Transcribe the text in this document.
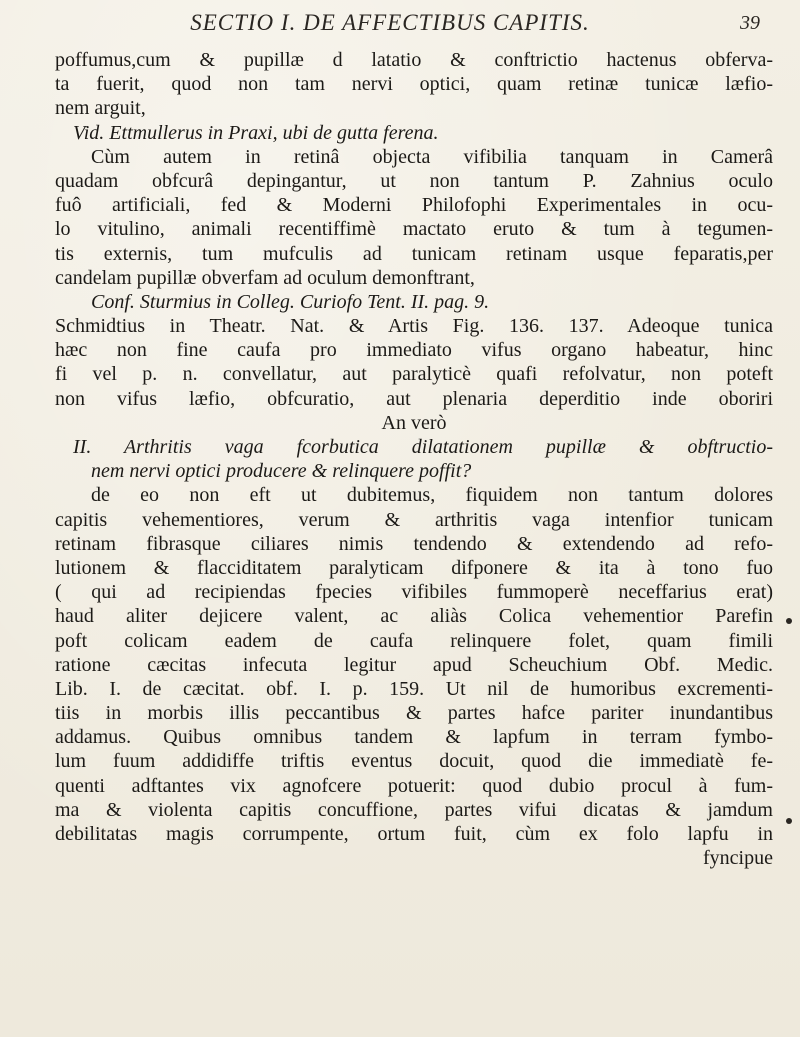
SECTIO I. DE AFFECTIBUS CAPITIS.	39
poffumus,cum & pupillæ d latatio & conftrictio hactenus obferva-
ta fuerit, quod non tam nervi optici, quam retinæ tunicæ læfio-
nem arguit,
Vid. Ettmullerus in Praxi, ubi de gutta ferena.
Cùm autem in retinâ objecta vifibilia tanquam in Camerâ
quadam obfcurâ depingantur, ut non tantum P. Zahnius oculo
fuô artificiali, fed & Moderni Philofophi Experimentales in ocu-
lo vitulino, animali recentiffimè mactato eruto & tum à tegumen-
tis externis, tum mufculis ad tunicam retinam usque feparatis,per
candelam pupillæ obverfam ad oculum demonftrant,
Conf. Sturmius in Colleg. Curiofo Tent. II. pag. 9.
Schmidtius in Theatr. Nat. & Artis Fig. 136. 137. Adeoque tunica
hæc non fine caufa pro immediato vifus organo habeatur, hinc
fi vel p. n. convellatur, aut paralyticè quafi refolvatur, non poteft
non vifus læfio, obfcuratio, aut plenaria deperditio inde oboriri
An verò
II. Arthritis vaga fcorbutica dilatationem pupillæ & obftructio-
nem nervi optici producere & relinquere poffit?
de eo non eft ut dubitemus, fiquidem non tantum dolores
capitis vehementiores, verum & arthritis vaga intenfior tunicam
retinam fibrasque ciliares nimis tendendo & extendendo ad refo-
lutionem & flacciditatem paralyticam difponere & ita à tono fuo
( qui ad recipiendas fpecies vifibiles fummoperè neceffarius erat)
haud aliter dejicere valent, ac aliàs Colica vehementior Parefin
poft colicam eadem de caufa relinquere folet, quam fimili
ratione cæcitas infecuta legitur apud Scheuchium Obf. Medic.
Lib. I. de cæcitat. obf. I. p. 159. Ut nil de humoribus excrementi-
tiis in morbis illis peccantibus & partes hafce pariter inundantibus
addamus. Quibus omnibus tandem & lapfum in terram fymbo-
lum fuum addidiffe triftis eventus docuit, quod die immediatè fe-
quenti adftantes vix agnofcere potuerit: quod dubio procul à fum-
ma & violenta capitis concuffione, partes vifui dicatas & jamdum
debilitatas magis corrumpente, ortum fuit, cùm ex folo lapfu in
fyncipue
